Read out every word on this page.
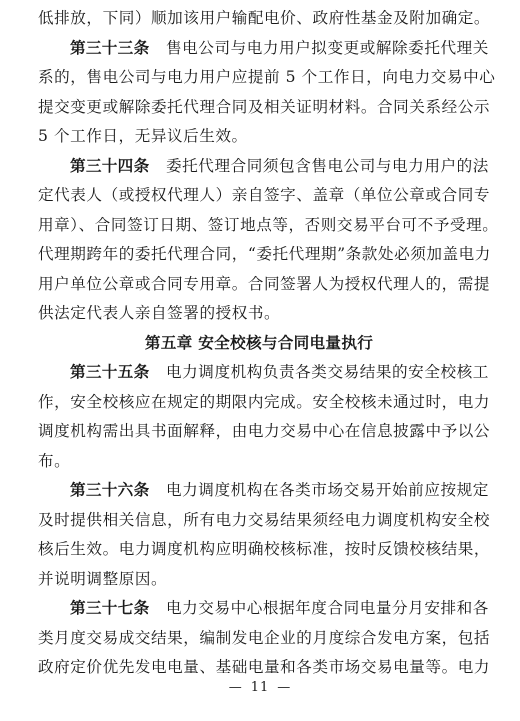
低排放，下同）顺加该用户输配电价、政府性基金及附加确定。
第三十三条 售电公司与电力用户拟变更或解除委托代理关
系的，售电公司与电力用户应提前 5 个工作日，向电力交易中心
提交变更或解除委托代理合同及相关证明材料。合同关系经公示
5 个工作日，无异议后生效。
第三十四条 委托代理合同须包含售电公司与电力用户的法
定代表人（或授权代理人）亲自签字、盖章（单位公章或合同专
用章）、合同签订日期、签订地点等，否则交易平台可不予受理。
代理期跨年的委托代理合同，“委托代理期”条款处必须加盖电力
用户单位公章或合同专用章。合同签署人为授权代理人的，需提
供法定代表人亲自签署的授权书。
第五章 安全校核与合同电量执行
第三十五条 电力调度机构负责各类交易结果的安全校核工
作，安全校核应在规定的期限内完成。安全校核未通过时，电力
调度机构需出具书面解释，由电力交易中心在信息披露中予以公
布。
第三十六条 电力调度机构在各类市场交易开始前应按规定
及时提供相关信息，所有电力交易结果须经电力调度机构安全校
核后生效。电力调度机构应明确校核标准，按时反馈校核结果，
并说明调整原因。
第三十七条 电力交易中心根据年度合同电量分月安排和各
类月度交易成交结果，编制发电企业的月度综合发电方案，包括
政府定价优先发电电量、基础电量和各类市场交易电量等。电力
— 11 —
